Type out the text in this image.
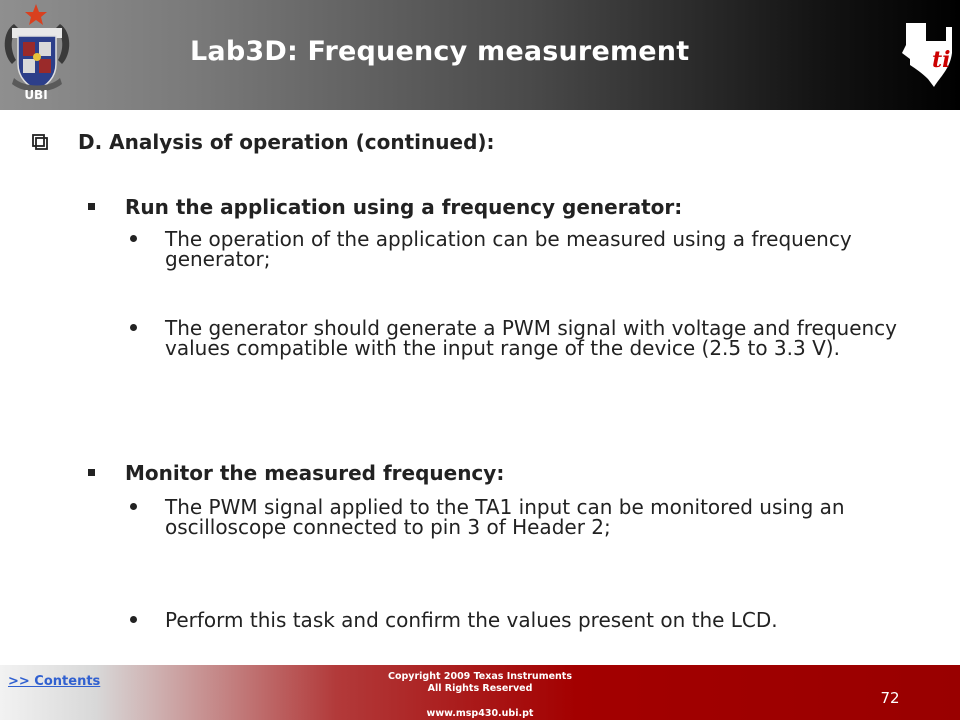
UBI
Lab3D: Frequency measurement	ti
D. Analysis of operation (continued):
Run the application using a frequency generator:
The operation of the application can be measured using a frequency generator;
The generator should generate a PWM signal with voltage and frequency values compatible with the input range of the device (2.5 to 3.3 V).
Monitor the measured frequency:
The PWM signal applied to the TA1 input can be monitored using an oscilloscope connected to pin 3 of Header 2;
Perform this task and confirm the values present on the LCD.
>> Contents	Copyright 2009 Texas Instruments
All Rights Reserved
www.msp430.ubi.pt
72
